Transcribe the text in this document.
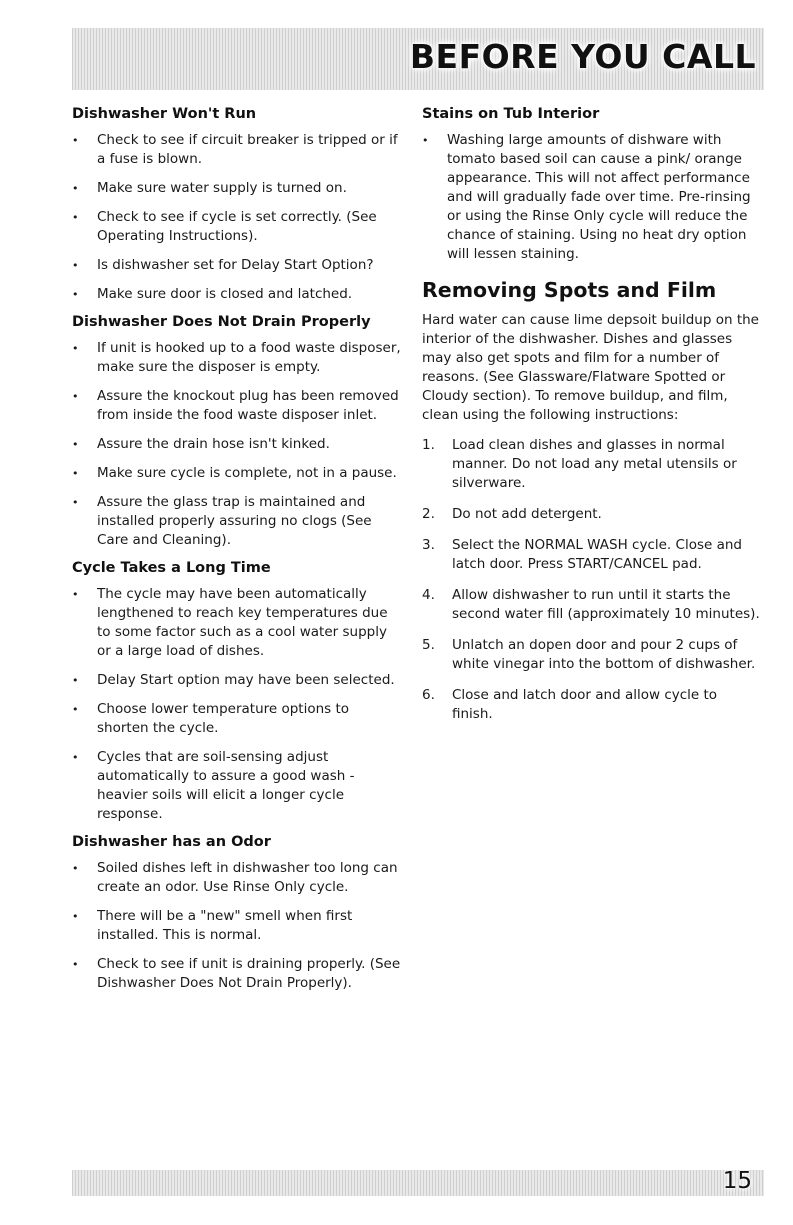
BEFORE YOU CALL
Dishwasher Won't Run
• Check to see if circuit breaker is tripped or if a fuse is blown.
• Make sure water supply is turned on.
• Check to see if cycle is set correctly. (See Operating Instructions).
• Is dishwasher set for Delay Start Option?
• Make sure door is closed and latched.
Dishwasher Does Not Drain Properly
• If unit is hooked up to a food waste disposer, make sure the disposer is empty.
• Assure the knockout plug has been removed from inside the food waste disposer inlet.
• Assure the drain hose isn't kinked.
• Make sure cycle is complete, not in a pause.
• Assure the glass trap is maintained and installed properly assuring no clogs (See Care and Cleaning).
Cycle Takes a Long Time
• The cycle may have been automatically lengthened to reach key temperatures due to some factor such as a cool water supply or a large load of dishes.
• Delay Start option may have been selected.
• Choose lower temperature options to shorten the cycle.
• Cycles that are soil-sensing adjust automatically to assure a good wash - heavier soils will elicit a longer cycle response.
Dishwasher has an Odor
• Soiled dishes left in dishwasher too long can create an odor. Use Rinse Only cycle.
• There will be a "new" smell when first installed. This is normal.
• Check to see if unit is draining properly. (See Dishwasher Does Not Drain Properly).
Stains on Tub Interior
• Washing large amounts of dishware with tomato based soil can cause a pink/ orange appearance. This will not affect performance and will gradually fade over time. Pre-rinsing or using the Rinse Only cycle will reduce the chance of staining. Using no heat dry option will lessen staining.
Removing Spots and Film

Hard water can cause lime depsoit buildup on the interior of the dishwasher. Dishes and glasses may also get spots and film for a number of reasons. (See Glassware/Flatware Spotted or Cloudy section). To remove buildup, and film, clean using the following instructions:

1. Load clean dishes and glasses in normal manner. Do not load any metal utensils or silverware.
2. Do not add detergent.
3. Select the NORMAL WASH cycle. Close and latch door. Press START/CANCEL pad.
4. Allow dishwasher to run until it starts the second water fill (approximately 10 minutes).
5. Unlatch an dopen door and pour 2 cups of white vinegar into the bottom of dishwasher.
6. Close and latch door and allow cycle to finish.
15
